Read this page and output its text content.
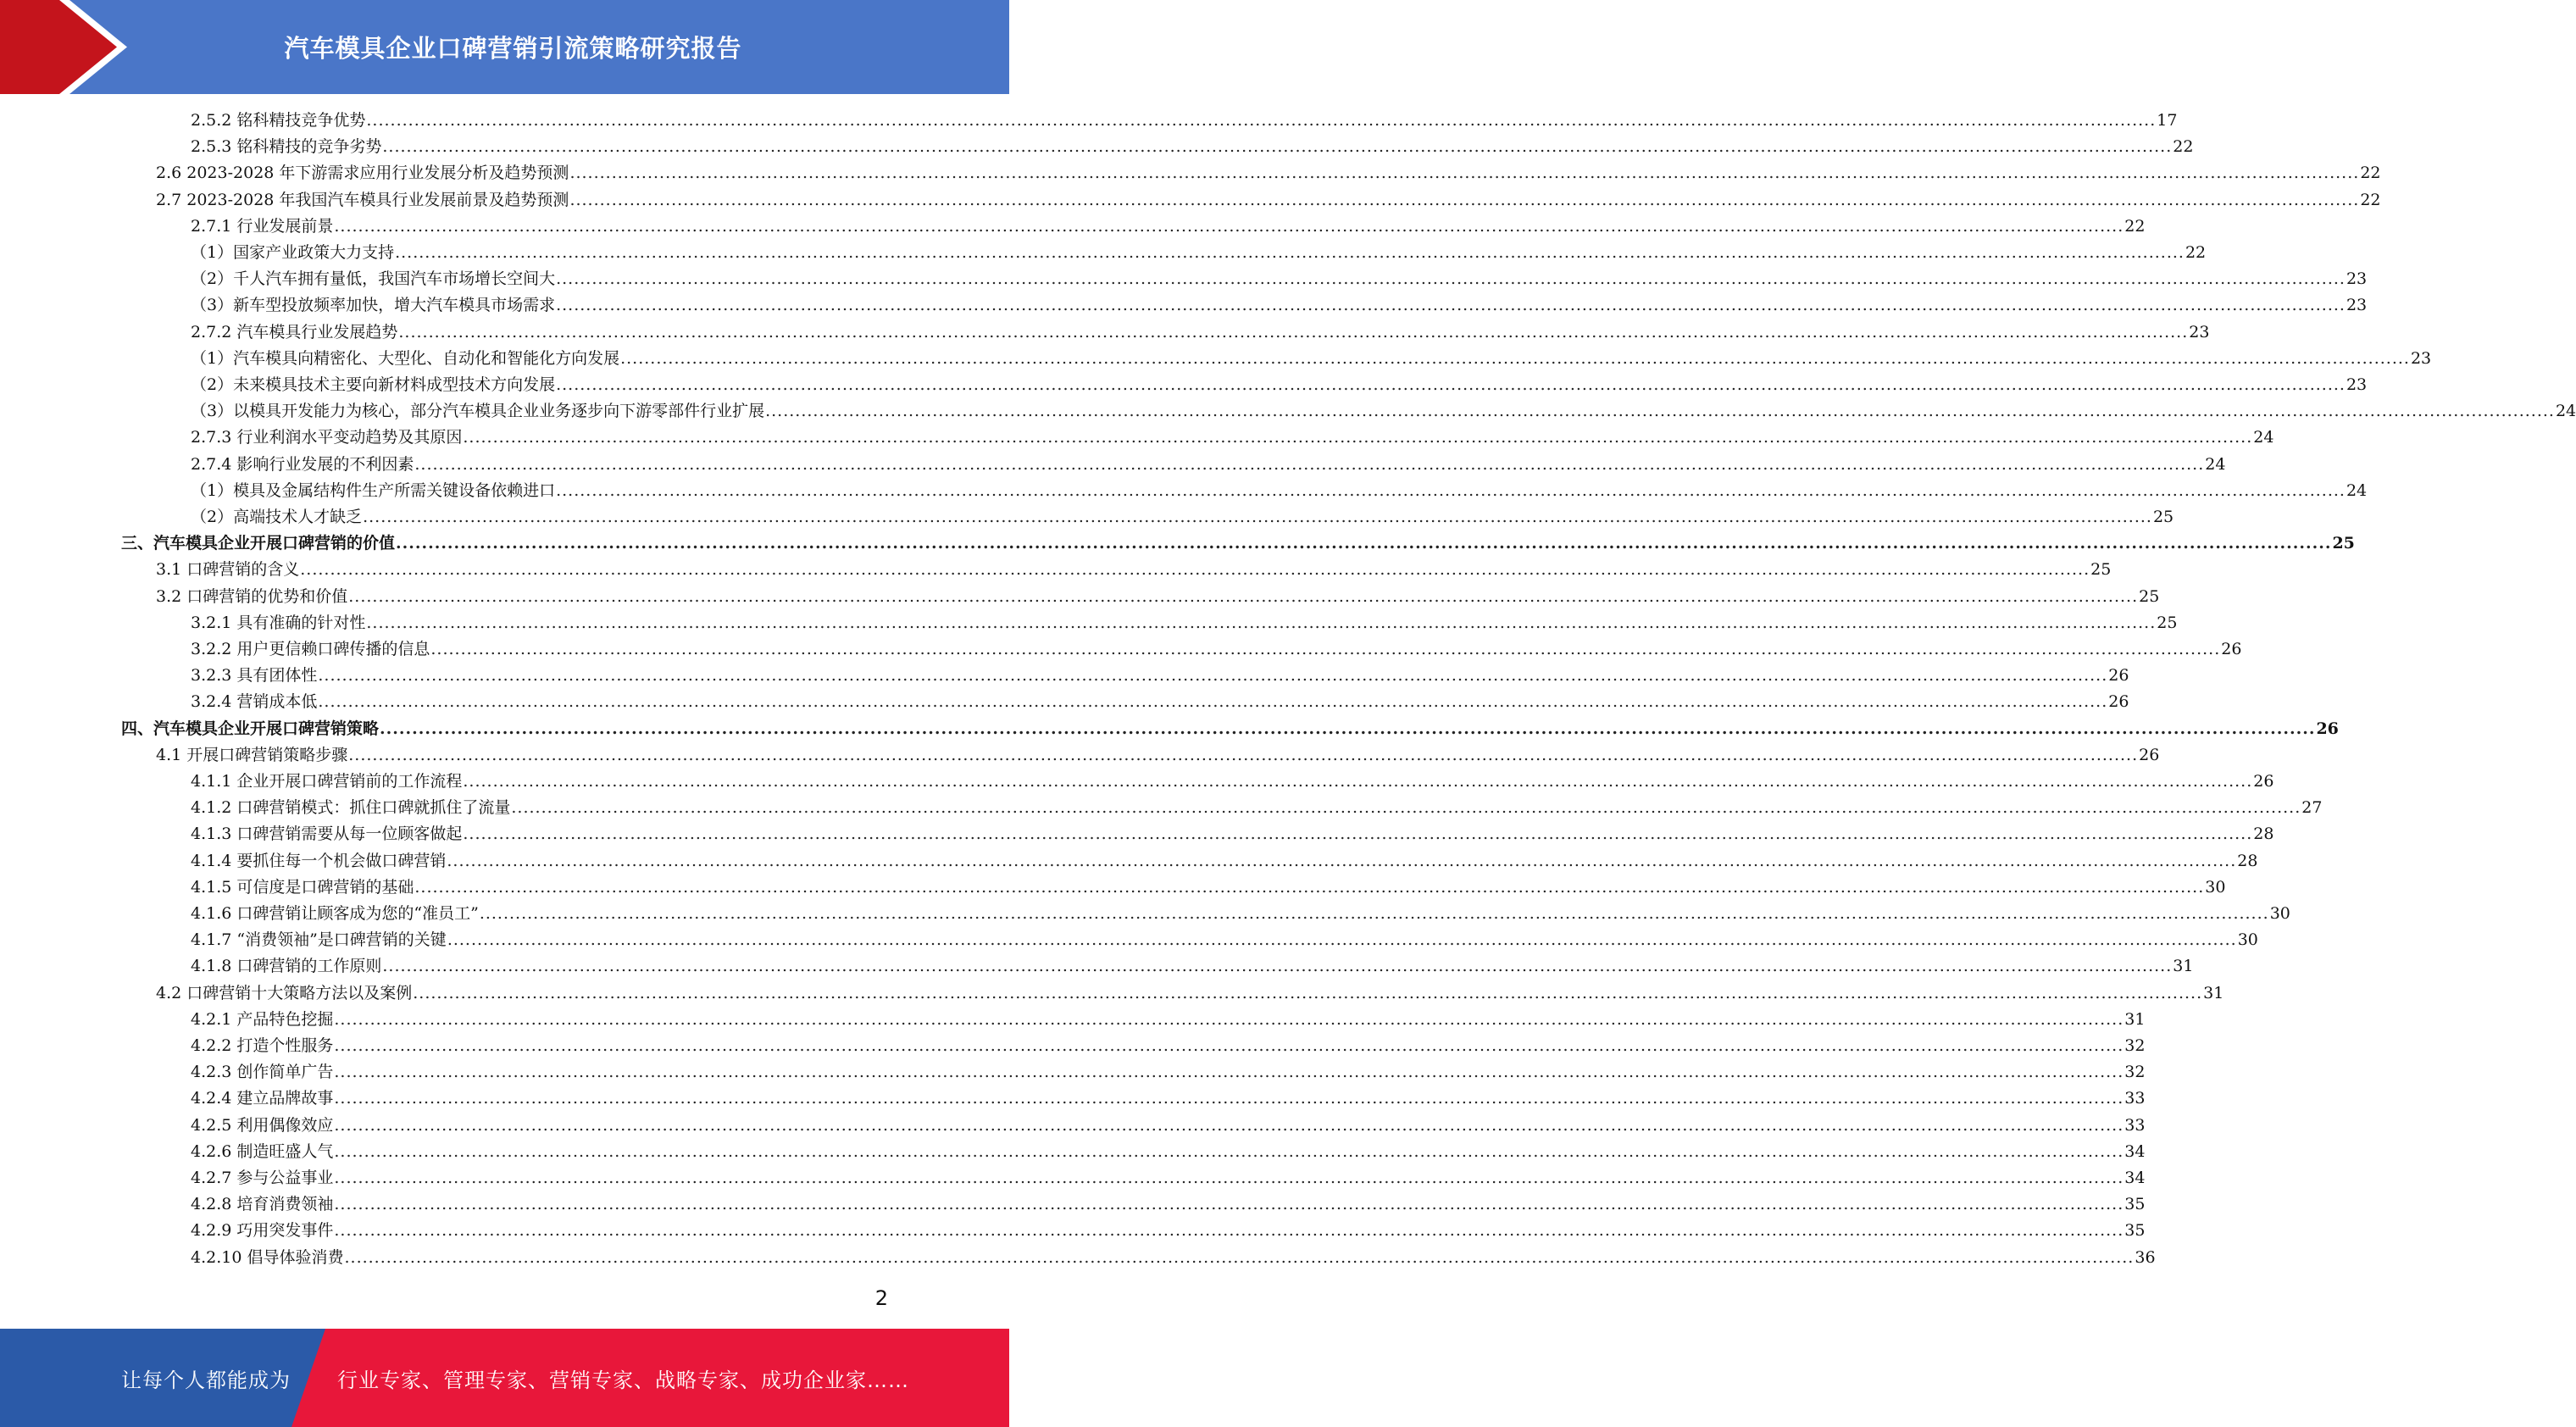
汽车模具企业口碑营销引流策略研究报告
2.5.2 铭科精技竞争优势 ............................................................................................................................................................................................................................................................................................................ 17
2.5.3 铭科精技的竞争劣势 ............................................................................................................................................................................................................................................................................................................ 22
2.6 2023-2028 年下游需求应用行业发展分析及趋势预测 ............................................................................................................................................................................................................................................................................................................ 22
2.7 2023-2028 年我国汽车模具行业发展前景及趋势预测 ............................................................................................................................................................................................................................................................................................................ 22
2.7.1 行业发展前景 ............................................................................................................................................................................................................................................................................................................ 22
（1）国家产业政策大力支持 ............................................................................................................................................................................................................................................................................................................ 22
（2）千人汽车拥有量低，我国汽车市场增长空间大 ............................................................................................................................................................................................................................................................................................................ 23
（3）新车型投放频率加快，增大汽车模具市场需求 ............................................................................................................................................................................................................................................................................................................ 23
2.7.2 汽车模具行业发展趋势 ............................................................................................................................................................................................................................................................................................................ 23
（1）汽车模具向精密化、大型化、自动化和智能化方向发展 ............................................................................................................................................................................................................................................................................................................ 23
（2）未来模具技术主要向新材料成型技术方向发展 ............................................................................................................................................................................................................................................................................................................ 23
（3）以模具开发能力为核心，部分汽车模具企业业务逐步向下游零部件行业扩展 ............................................................................................................................................................................................................................................................................................................ 24
2.7.3 行业利润水平变动趋势及其原因 ............................................................................................................................................................................................................................................................................................................ 24
2.7.4 影响行业发展的不利因素 ............................................................................................................................................................................................................................................................................................................ 24
（1）模具及金属结构件生产所需关键设备依赖进口 ............................................................................................................................................................................................................................................................................................................ 24
（2）高端技术人才缺乏 ............................................................................................................................................................................................................................................................................................................ 25
三、汽车模具企业开展口碑营销的价值 ............................................................................................................................................................................................................................................................................................................ 25
3.1 口碑营销的含义 ............................................................................................................................................................................................................................................................................................................ 25
3.2 口碑营销的优势和价值 ............................................................................................................................................................................................................................................................................................................ 25
3.2.1 具有准确的针对性 ............................................................................................................................................................................................................................................................................................................ 25
3.2.2 用户更信赖口碑传播的信息 ............................................................................................................................................................................................................................................................................................................ 26
3.2.3 具有团体性 ............................................................................................................................................................................................................................................................................................................ 26
3.2.4 营销成本低 ............................................................................................................................................................................................................................................................................................................ 26
四、汽车模具企业开展口碑营销策略 ............................................................................................................................................................................................................................................................................................................ 26
4.1 开展口碑营销策略步骤 ............................................................................................................................................................................................................................................................................................................ 26
4.1.1 企业开展口碑营销前的工作流程 ............................................................................................................................................................................................................................................................................................................ 26
4.1.2 口碑营销模式：抓住口碑就抓住了流量 ............................................................................................................................................................................................................................................................................................................ 27
4.1.3 口碑营销需要从每一位顾客做起 ............................................................................................................................................................................................................................................................................................................ 28
4.1.4 要抓住每一个机会做口碑营销 ............................................................................................................................................................................................................................................................................................................ 28
4.1.5 可信度是口碑营销的基础 ............................................................................................................................................................................................................................................................................................................ 30
4.1.6 口碑营销让顾客成为您的“准员工” ............................................................................................................................................................................................................................................................................................................ 30
4.1.7 “消费领袖”是口碑营销的关键 ............................................................................................................................................................................................................................................................................................................ 30
4.1.8 口碑营销的工作原则 ............................................................................................................................................................................................................................................................................................................ 31
4.2 口碑营销十大策略方法以及案例 ............................................................................................................................................................................................................................................................................................................ 31
4.2.1 产品特色挖掘 ............................................................................................................................................................................................................................................................................................................ 31
4.2.2 打造个性服务 ............................................................................................................................................................................................................................................................................................................ 32
4.2.3 创作简单广告 ............................................................................................................................................................................................................................................................................................................ 32
4.2.4 建立品牌故事 ............................................................................................................................................................................................................................................................................................................ 33
4.2.5 利用偶像效应 ............................................................................................................................................................................................................................................................................................................ 33
4.2.6 制造旺盛人气 ............................................................................................................................................................................................................................................................................................................ 34
4.2.7 参与公益事业 ............................................................................................................................................................................................................................................................................................................ 34
4.2.8 培育消费领袖 ............................................................................................................................................................................................................................................................................................................ 35
4.2.9 巧用突发事件 ............................................................................................................................................................................................................................................................................................................ 35
4.2.10 倡导体验消费 ............................................................................................................................................................................................................................................................................................................ 36
2
让每个人都能成为 行业专家、管理专家、营销专家、战略专家、成功企业家……
